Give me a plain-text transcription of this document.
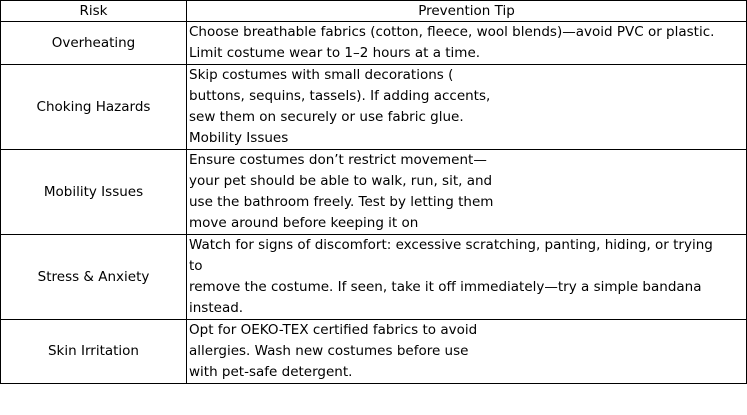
Risk	Prevention Tip
Overheating	Choose breathable fabrics (cotton, fleece, wool blends)—avoid PVC or plastic.
Limit costume wear to 1–2 hours at a time.

Choking Hazards	Skip costumes with small decorations (
buttons, sequins, tassels). If adding accents,
sew them on securely or use fabric glue.
Mobility Issues

Mobility Issues	Ensure costumes don’t restrict movement—
your pet should be able to walk, run, sit, and
use the bathroom freely. Test by letting them
move around before keeping it on

Stress & Anxiety	Watch for signs of discomfort: excessive scratching, panting, hiding, or trying
to
remove the costume. If seen, take it off immediately—try a simple bandana
instead.

Skin Irritation	Opt for OEKO-TEX certified fabrics to avoid
allergies. Wash new costumes before use
with pet-safe detergent.
